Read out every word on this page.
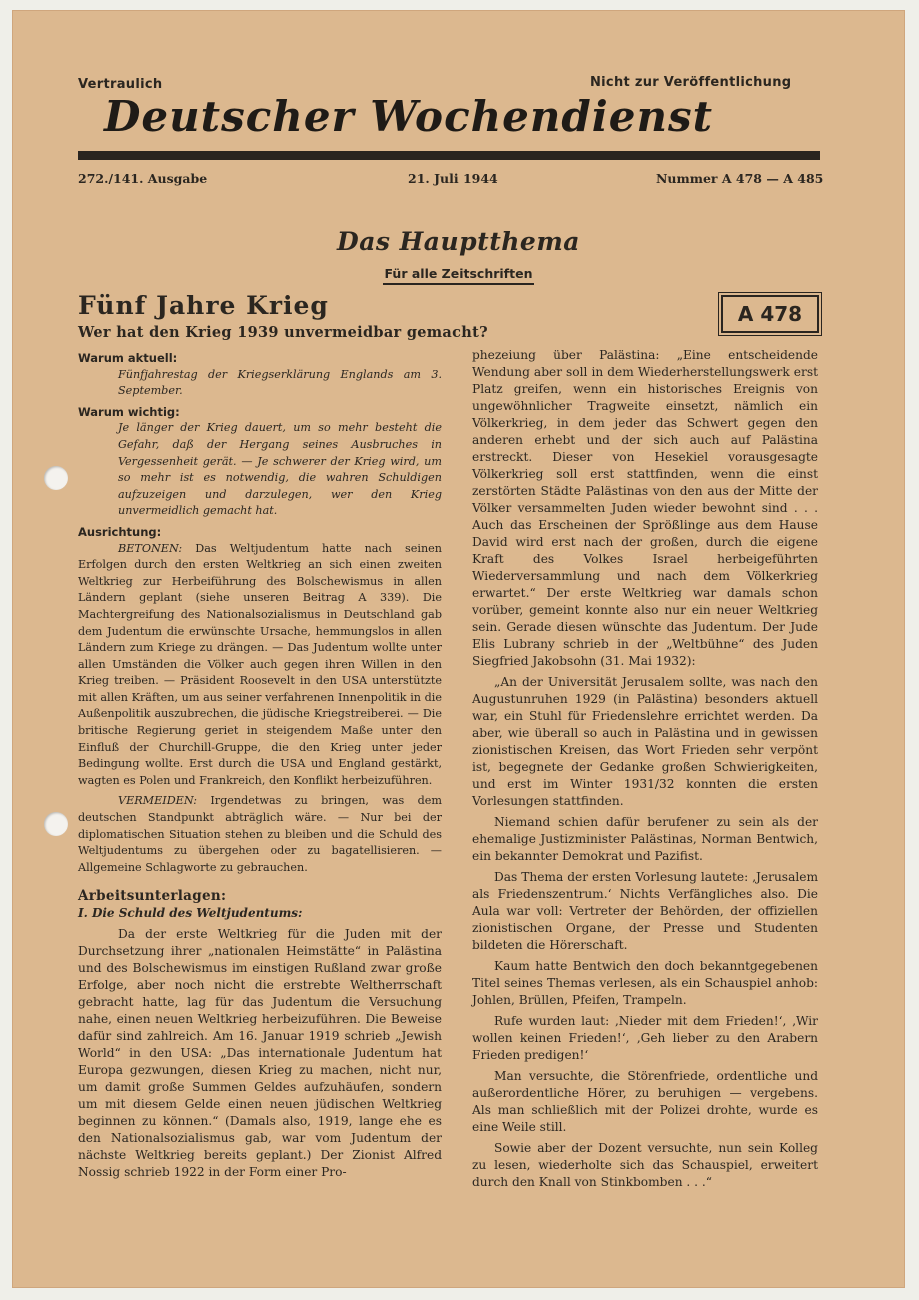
Vertraulich	Nicht zur Veröffentlichung
Deutscher Wochendienst
272./141. Ausgabe	21. Juli 1944	Nummer A 478 — A 485
Das Hauptthema
Für alle Zeitschriften
Fünf Jahre Krieg
Wer hat den Krieg 1939 unvermeidbar gemacht?
A 478

Warum aktuell:

Fünfjahrestag der Kriegserklärung Englands am 3. September.

Warum wichtig:

Je länger der Krieg dauert, um so mehr besteht die Gefahr, daß der Hergang seines Ausbruches in Vergessenheit gerät. — Je schwerer der Krieg wird, um so mehr ist es notwendig, die wahren Schuldigen aufzuzeigen und darzulegen, wer den Krieg unvermeidlich gemacht hat.

Ausrichtung:

BETONEN: Das Weltjudentum hatte nach seinen Erfolgen durch den ersten Weltkrieg an sich einen zweiten Weltkrieg zur Herbeiführung des Bolschewismus in allen Ländern geplant (siehe unseren Beitrag A 339). Die Machtergreifung des Nationalsozialismus in Deutschland gab dem Judentum die erwünschte Ursache, hemmungslos in allen Ländern zum Kriege zu drängen. — Das Judentum wollte unter allen Umständen die Völker auch gegen ihren Willen in den Krieg treiben. — Präsident Roosevelt in den USA unterstützte mit allen Kräften, um aus seiner verfahrenen Innenpolitik in die Außenpolitik auszubrechen, die jüdische Kriegstreiberei. — Die britische Regierung geriet in steigendem Maße unter den Einfluß der Churchill-Gruppe, die den Krieg unter jeder Bedingung wollte. Erst durch die USA und England gestärkt, wagten es Polen und Frankreich, den Konflikt herbeizuführen.

VERMEIDEN: Irgendetwas zu bringen, was dem deutschen Standpunkt abträglich wäre. — Nur bei der diplomatischen Situation stehen zu bleiben und die Schuld des Weltjudentums zu übergehen oder zu bagatellisieren. — Allgemeine Schlagworte zu gebrauchen.

Arbeitsunterlagen:

I. Die Schuld des Weltjudentums:

Da der erste Weltkrieg für die Juden mit der Durchsetzung ihrer „nationalen Heimstätte“ in Palästina und des Bolschewismus im einstigen Rußland zwar große Erfolge, aber noch nicht die erstrebte Weltherrschaft gebracht hatte, lag für das Judentum die Versuchung nahe, einen neuen Weltkrieg herbeizuführen. Die Beweise dafür sind zahlreich. Am 16. Januar 1919 schrieb „Jewish World“ in den USA: „Das internationale Judentum hat Europa gezwungen, diesen Krieg zu machen, nicht nur, um damit große Summen Geldes aufzuhäufen, sondern um mit diesem Gelde einen neuen jüdischen Weltkrieg beginnen zu können.“ (Damals also, 1919, lange ehe es den Nationalsozialismus gab, war vom Judentum der nächste Weltkrieg bereits geplant.) Der Zionist Alfred Nossig schrieb 1922 in der Form einer Pro-

phezeiung über Palästina: „Eine entscheidende Wendung aber soll in dem Wiederherstellungswerk erst Platz greifen, wenn ein historisches Ereignis von ungewöhnlicher Tragweite einsetzt, nämlich ein Völkerkrieg, in dem jeder das Schwert gegen den anderen erhebt und der sich auch auf Palästina erstreckt. Dieser von Hesekiel vorausgesagte Völkerkrieg soll erst stattfinden, wenn die einst zerstörten Städte Palästinas von den aus der Mitte der Völker versammelten Juden wieder bewohnt sind . . . Auch das Erscheinen der Sprößlinge aus dem Hause David wird erst nach der großen, durch die eigene Kraft des Volkes Israel herbeigeführten Wiederversammlung und nach dem Völkerkrieg erwartet.“ Der erste Weltkrieg war damals schon vorüber, gemeint konnte also nur ein neuer Weltkrieg sein. Gerade diesen wünschte das Judentum. Der Jude Elis Lubrany schrieb in der „Weltbühne“ des Juden Siegfried Jakobsohn (31. Mai 1932):

„An der Universität Jerusalem sollte, was nach den Augustunruhen 1929 (in Palästina) besonders aktuell war, ein Stuhl für Friedenslehre errichtet werden. Da aber, wie überall so auch in Palästina und in gewissen zionistischen Kreisen, das Wort Frieden sehr verpönt ist, begegnete der Gedanke großen Schwierigkeiten, und erst im Winter 1931/32 konnten die ersten Vorlesungen stattfinden.

Niemand schien dafür berufener zu sein als der ehemalige Justizminister Palästinas, Norman Bentwich, ein bekannter Demokrat und Pazifist.

Das Thema der ersten Vorlesung lautete: ‚Jerusalem als Friedenszentrum.‘ Nichts Verfängliches also. Die Aula war voll: Vertreter der Behörden, der offiziellen zionistischen Organe, der Presse und Studenten bildeten die Hörerschaft.

Kaum hatte Bentwich den doch bekanntgegebenen Titel seines Themas verlesen, als ein Schauspiel anhob: Johlen, Brüllen, Pfeifen, Trampeln.

Rufe wurden laut: ‚Nieder mit dem Frieden!‘, ‚Wir wollen keinen Frieden!‘, ‚Geh lieber zu den Arabern Frieden predigen!‘

Man versuchte, die Störenfriede, ordentliche und außerordentliche Hörer, zu beruhigen — vergebens. Als man schließlich mit der Polizei drohte, wurde es eine Weile still.

Sowie aber der Dozent versuchte, nun sein Kolleg zu lesen, wiederholte sich das Schauspiel, erweitert durch den Knall von Stinkbomben . . .“
